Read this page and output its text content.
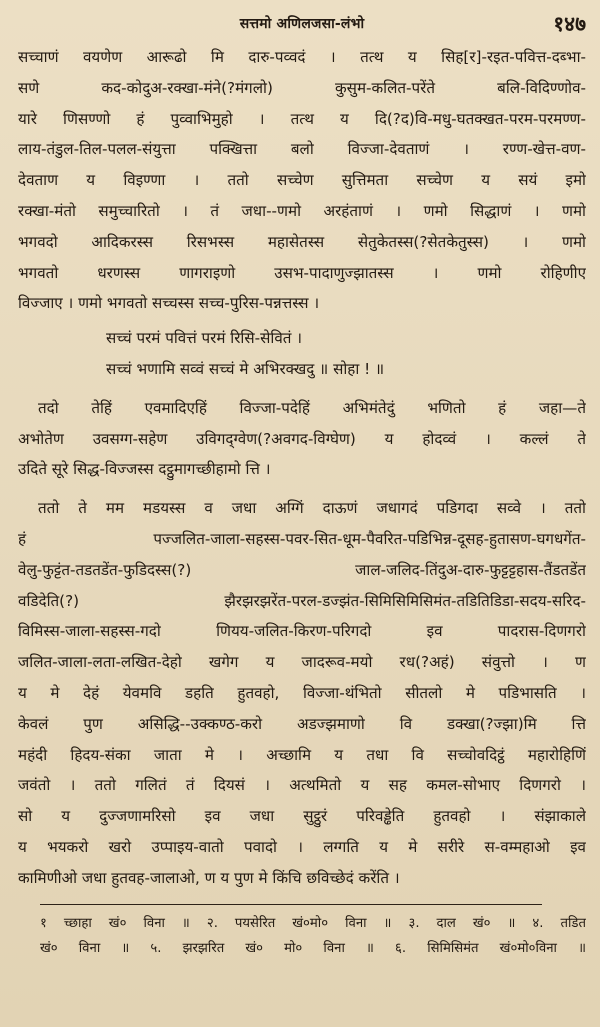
सत्तमो अणिलजसा-लंभो	१४७
सच्चाणं वयणेण आरूढो मि दारु-पव्वदं । तत्थ य सिह[र]-रइत-पवित्त-दब्भा-
सणे कद-कोदुअ-रक्खा-मंने(?मंगलो) कुसुम-कलित-परेंते बलि-विदिण्णोव-
यारे णिसण्णो हं पुव्वाभिमुहो । तत्थ य दि(?द)वि-मधु-घतक्खत-परम-परमण्ण-
लाय-तंडुल-तिल-पलल-संयुत्ता पक्खित्ता बलो विज्जा-देवताणं । रण्ण-खेत्त-वण-
देवताण य विइण्णा । ततो सच्चेण सुत्तिमता सच्चेण य सयं इमो
रक्खा-मंतो समुच्चारितो । तं जधा--णमो अरहंताणं । णमो सिद्धाणं । णमो
भगवदो आदिकरस्स रिसभस्स महासेतस्स सेतुकेतस्स(?सेतकेतुस्स) । णमो
भगवतो धरणस्स णागराइणो उसभ-पादाणुज्झातस्स । णमो रोहिणीए
विज्जाए । णमो भगवतो सच्चस्स सच्च-पुरिस-पन्नत्तस्स ।
सच्चं परमं पवित्तं परमं रिसि-सेवितं ।
सच्चं भणामि सव्वं सच्चं मे अभिरक्खदु ॥ सोहा ! ॥
तदो तेहिं एवमादिएहिं विज्जा-पदेहिं अभिमंतेदुं भणितो हं जहा—ते
अभोतेण उवसग्ग-सहेण उविगद्ग्वेण(?अवगद-विग्घेण) य होदव्वं । कल्लं ते
उदिते सूरे सिद्ध-विज्जस्स दट्ठुमागच्छीहामो त्ति ।
ततो ते मम मडयस्स व जधा अग्गिं दाऊणं जधागदं पडिगदा सव्वे । ततो
हं पज्जलित-जाला-सहस्स-पवर-सित-धूम-पैवरित-पडिभिन्न-दूसह-हुतासण-घगधगेंत-
वेलु-फुट्टंत-तडतडेंत-फुडिदस्स(?) जाल-जलिद-तिंदुअ-दारु-फुट्टट्टहास-तैंडतडेंत
वडिदेति(?) झैरझरझरेंत-परल-डज्झंत-सिमिसिमिसिमंत-तडितिडिडा-सदय-सरिद-
विमिस्स-जाला-सहस्स-गदो णियय-जलित-किरण-परिगदो इव पादरास-दिणगरो
जलित-जाला-लता-लखित-देहो खगेग य जादरूव-मयो रध(?अहं) संवुत्तो । ण
य मे देहं येवमवि डहति हुतवहो, विज्जा-थंभितो सीतलो मे पडिभासति ।
केवलं पुण असिद्धि--उक्कण्ठ-करो अडज्झमाणो वि डक्खा(?ज्झा)मि त्ति
महंदी हिदय-संका जाता मे । अच्छामि य तधा वि सच्चोवदिट्ठं महारोहिणिं
जवंतो । ततो गलितं तं दियसं । अत्थमितो य सह कमल-सोभाए दिणगरो ।
सो य दुज्जणामरिसो इव जधा सुट्ठुरं परिवड्ढेति हुतवहो । संझाकाले
य भयकरो खरो उप्पाइय-वातो पवादो । लग्गति य मे सरीरे स-वम्महाओ इव
कामिणीओ जधा हुतवह-जालाओ, ण य पुण मे किंचि छविच्छेदं करेंति ।
१ च्छाहा खं० विना ॥ २. पयसेरित खं०मो० विना ॥ ३. दाल खं० ॥ ४. तडित
खं० विना ॥ ५. झरझरित खं० मो० विना ॥ ६. सिमिसिमंत खं०मो०विना ॥
